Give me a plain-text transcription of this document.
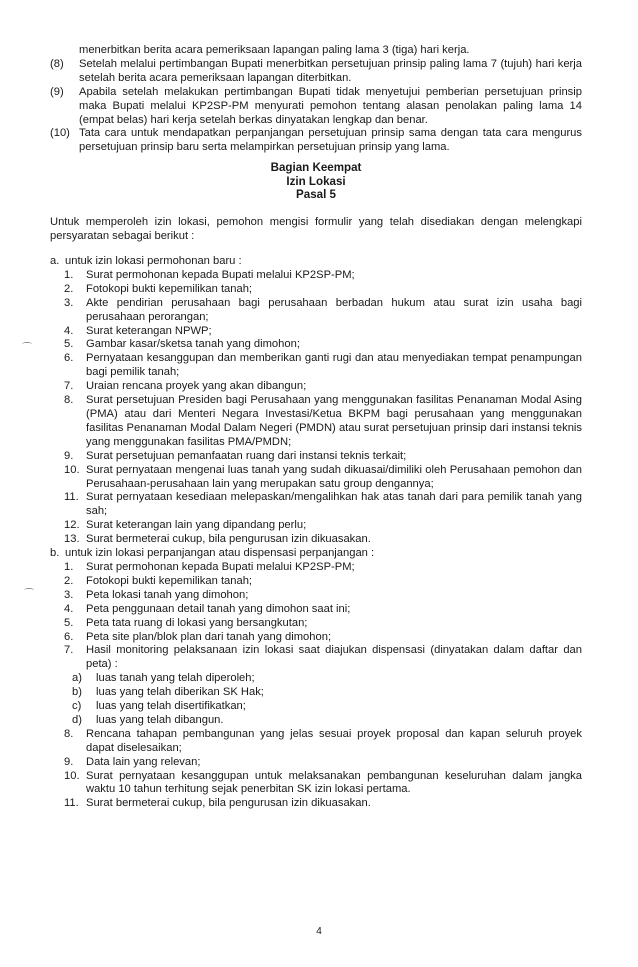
menerbitkan berita acara pemeriksaan lapangan paling lama 3 (tiga) hari kerja.

(8) Setelah melalui pertimbangan Bupati menerbitkan persetujuan prinsip paling lama 7 (tujuh) hari kerja setelah berita acara pemeriksaan lapangan diterbitkan.
(9) Apabila setelah melakukan pertimbangan Bupati tidak menyetujui pemberian persetujuan prinsip maka Bupati melalui KP2SP-PM menyurati pemohon tentang alasan penolakan paling lama 14 (empat belas) hari kerja setelah berkas dinyatakan lengkap dan benar.
(10) Tata cara untuk mendapatkan perpanjangan persetujuan prinsip sama dengan tata cara mengurus persetujuan prinsip baru serta melampirkan persetujuan prinsip yang lama.

Bagian Keempat

Izin Lokasi

Pasal 5

Untuk memperoleh izin lokasi, pemohon mengisi formulir yang telah disediakan dengan melengkapi persyaratan sebagai berikut :

a. untuk izin lokasi permohonan baru :
1. Surat permohonan kepada Bupati melalui KP2SP-PM;
2. Fotokopi bukti kepemilikan tanah;
3. Akte pendirian perusahaan bagi perusahaan berbadan hukum atau surat izin usaha bagi perusahaan perorangan;
4. Surat keterangan NPWP;
5. Gambar kasar/sketsa tanah yang dimohon;
6. Pernyataan kesanggupan dan memberikan ganti rugi dan atau menyediakan tempat penampungan bagi pemilik tanah;
7. Uraian rencana proyek yang akan dibangun;
8. Surat persetujuan Presiden bagi Perusahaan yang menggunakan fasilitas Penanaman Modal Asing (PMA) atau dari Menteri Negara Investasi/Ketua BKPM bagi perusahaan yang menggunakan fasilitas Penanaman Modal Dalam Negeri (PMDN) atau surat persetujuan prinsip dari instansi teknis yang menggunakan fasilitas PMA/PMDN;
9. Surat persetujuan pemanfaatan ruang dari instansi teknis terkait;
10. Surat pernyataan mengenai luas tanah yang sudah dikuasai/dimiliki oleh Perusahaan pemohon dan Perusahaan-perusahaan lain yang merupakan satu group dengannya;
11. Surat pernyataan kesediaan melepaskan/mengalihkan hak atas tanah dari para pemilik tanah yang sah;
12. Surat keterangan lain yang dipandang perlu;
13. Surat bermeterai cukup, bila pengurusan izin dikuasakan.
b. untuk izin lokasi perpanjangan atau dispensasi perpanjangan :
1. Surat permohonan kepada Bupati melalui KP2SP-PM;
2. Fotokopi bukti kepemilikan tanah;
3. Peta lokasi tanah yang dimohon;
4. Peta penggunaan detail tanah yang dimohon saat ini;
5. Peta tata ruang di lokasi yang bersangkutan;
6. Peta site plan/blok plan dari tanah yang dimohon;
7. Hasil monitoring pelaksanaan izin lokasi saat diajukan dispensasi (dinyatakan dalam daftar dan peta) :
a) luas tanah yang telah diperoleh;
b) luas yang telah diberikan SK Hak;
c) luas yang telah disertifikatkan;
d) luas yang telah dibangun.
8. Rencana tahapan pembangunan yang jelas sesuai proyek proposal dan kapan seluruh proyek dapat diselesaikan;
9. Data lain yang relevan;
10. Surat pernyataan kesanggupan untuk melaksanakan pembangunan keseluruhan dalam jangka waktu 10 tahun terhitung sejak penerbitan SK izin lokasi pertama.
11. Surat bermeterai cukup, bila pengurusan izin dikuasakan.
⌒
⌒
4
